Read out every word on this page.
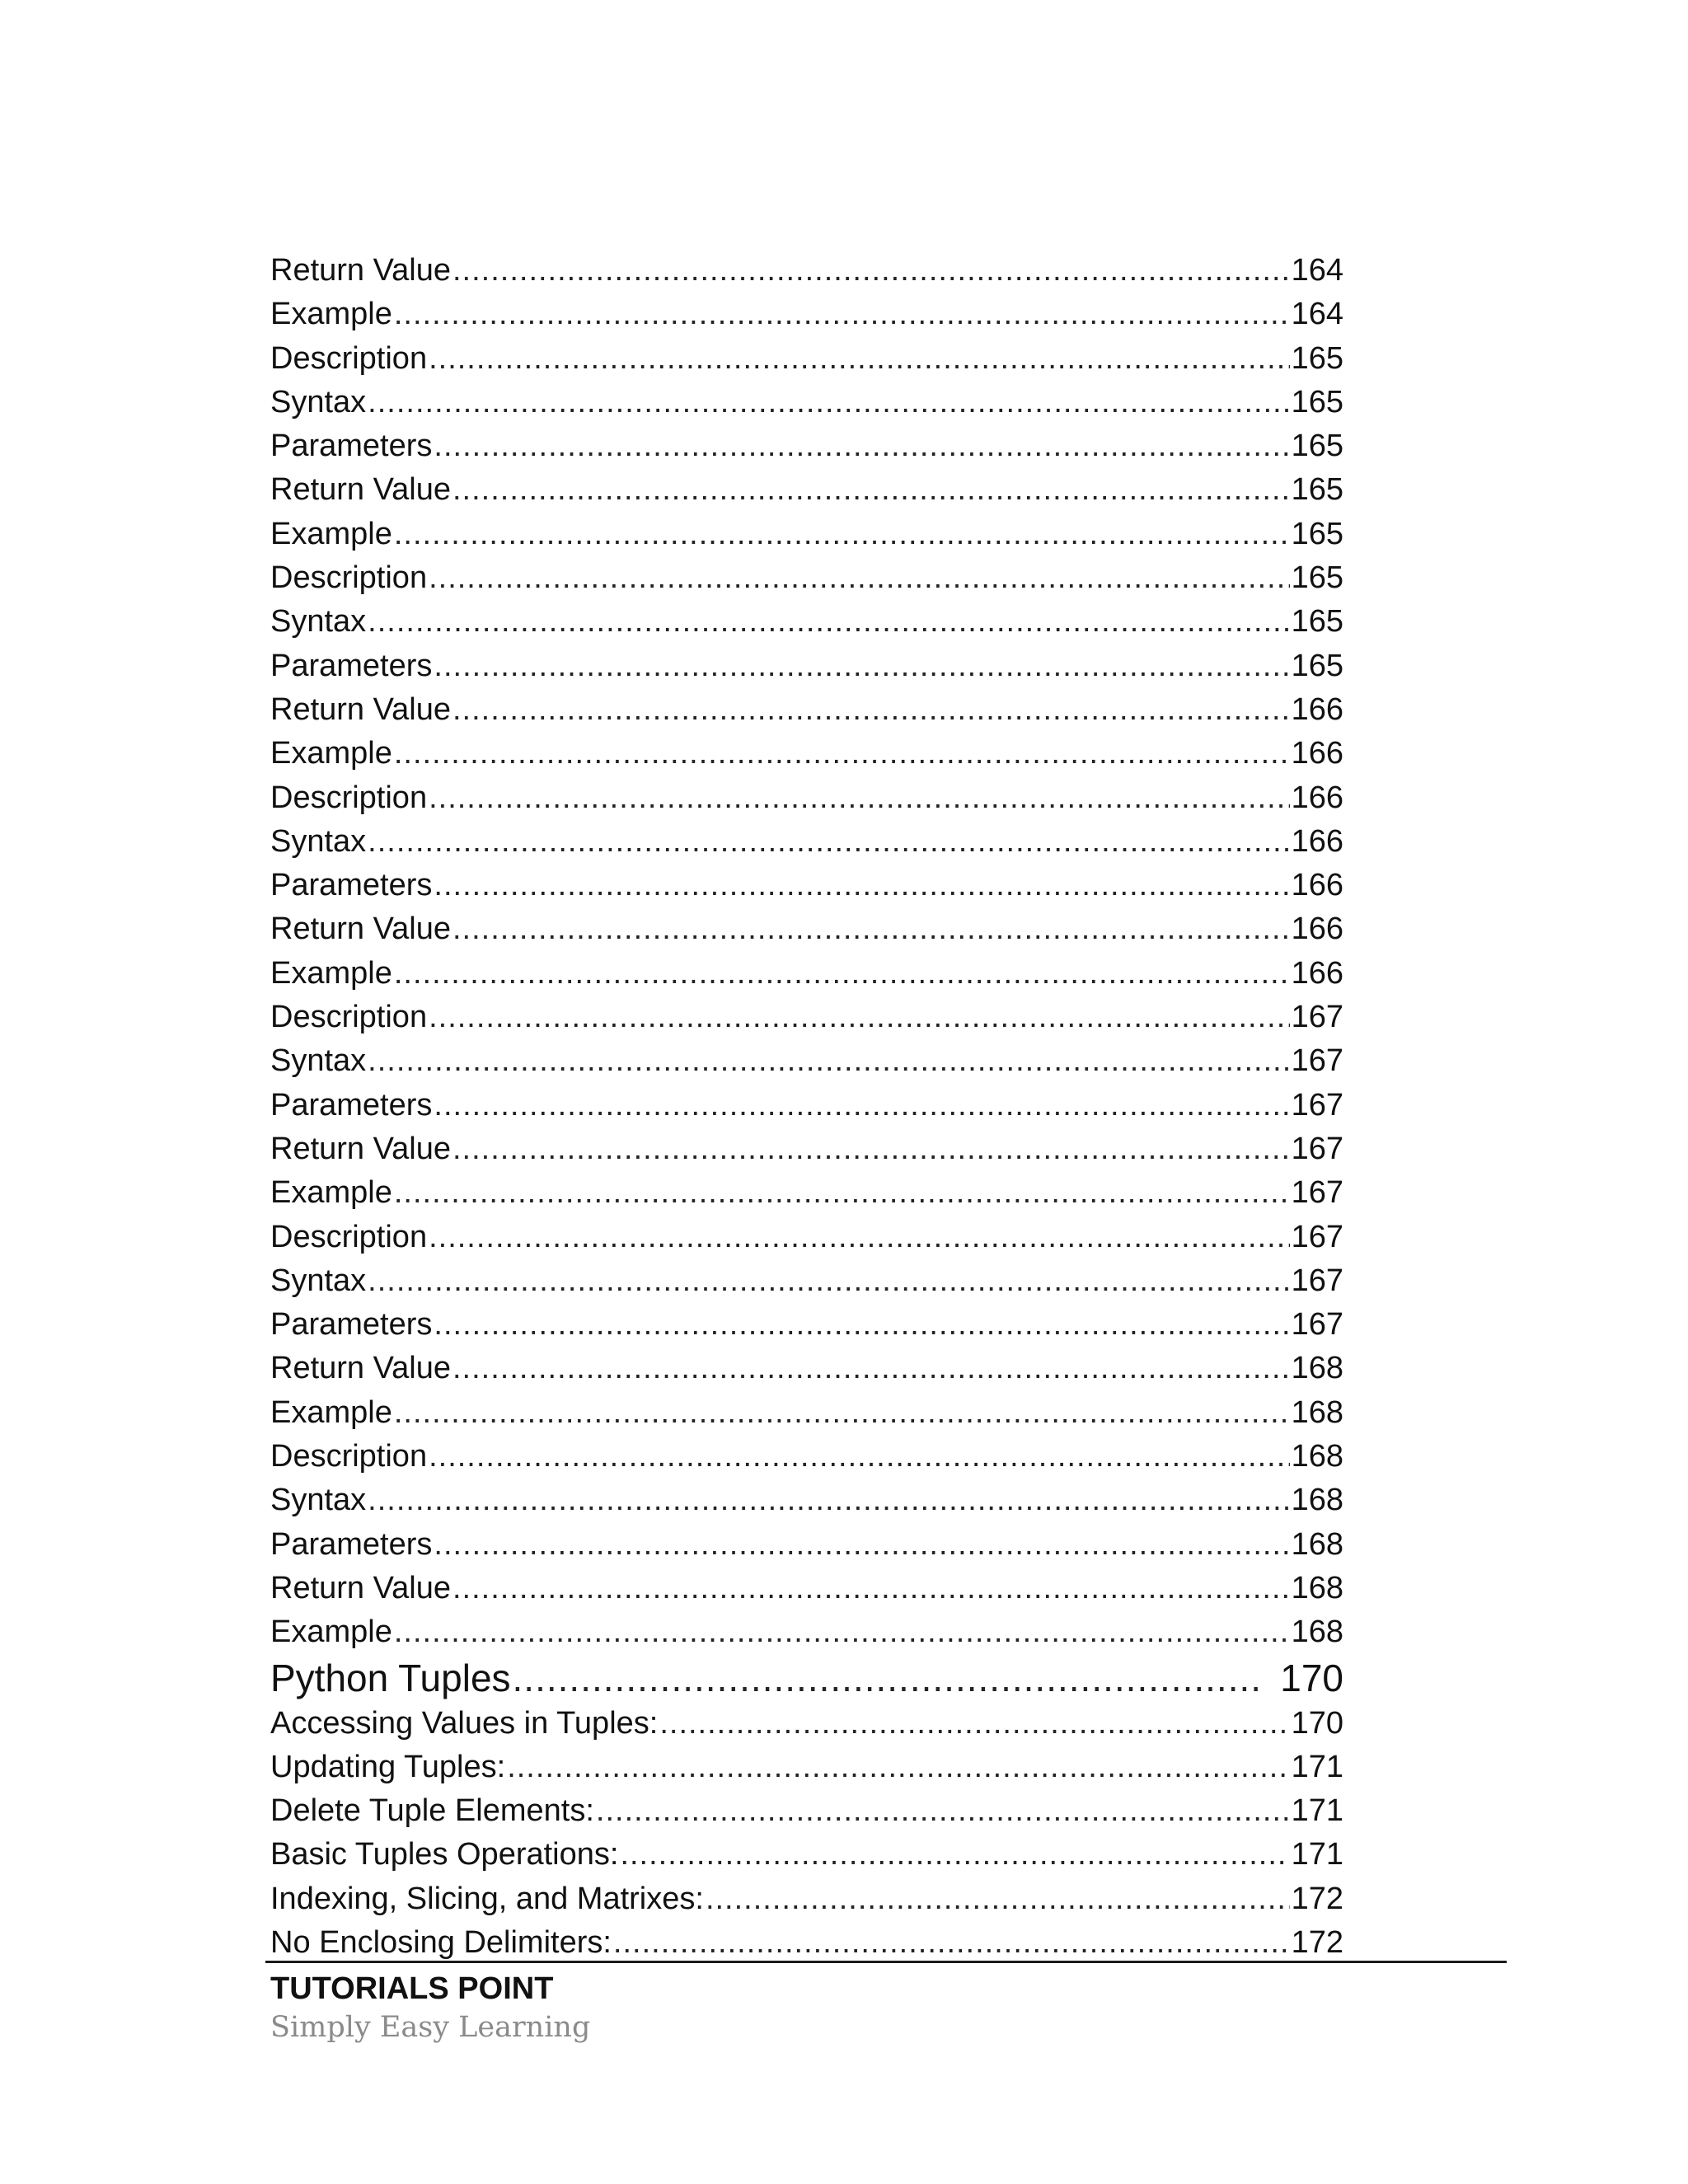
Return Value .....	164
Example .....	164
Description .....	165
Syntax .....	165
Parameters .....	165
Return Value .....	165
Example .....	165
Description .....	165
Syntax .....	165
Parameters .....	165
Return Value .....	166
Example .....	166
Description .....	166
Syntax .....	166
Parameters .....	166
Return Value .....	166
Example .....	166
Description .....	167
Syntax .....	167
Parameters .....	167
Return Value .....	167
Example .....	167
Description .....	167
Syntax .....	167
Parameters .....	167
Return Value .....	168
Example .....	168
Description .....	168
Syntax .....	168
Parameters .....	168
Return Value .....	168
Example .....	168
Python Tuples .....	170
Accessing Values in Tuples: .....	170
Updating Tuples: .....	171
Delete Tuple Elements: .....	171
Basic Tuples Operations: .....	171
Indexing, Slicing, and Matrixes: .....	172
No Enclosing Delimiters: .....	172
TUTORIALS POINT
Simply Easy Learning
